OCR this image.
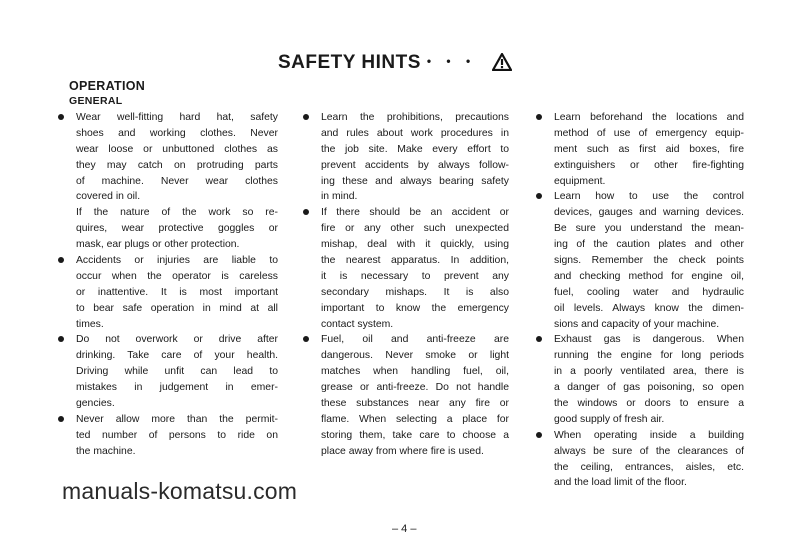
SAFETY HINTS • • •
OPERATION
GENERAL
Wear well-fitting hard hat, safety
shoes and working clothes. Never
wear loose or unbuttoned clothes as
they may catch on protruding parts
of machine. Never wear clothes
covered in oil.
If the nature of the work so re-
quires, wear protective goggles or
mask, ear plugs or other protection.
Accidents or injuries are liable to
occur when the operator is careless
or inattentive. It is most important
to bear safe operation in mind at all
times.
Do not overwork or drive after
drinking. Take care of your health.
Driving while unfit can lead to
mistakes in judgement in emer-
gencies.
Never allow more than the permit-
ted number of persons to ride on
the machine.
Learn the prohibitions, precautions
and rules about work procedures in
the job site. Make every effort to
prevent accidents by always follow-
ing these and always bearing safety
in mind.
If there should be an accident or
fire or any other such unexpected
mishap, deal with it quickly, using
the nearest apparatus. In addition,
it is necessary to prevent any
secondary mishaps. It is also
important to know the emergency
contact system.
Fuel, oil and anti-freeze are
dangerous. Never smoke or light
matches when handling fuel, oil,
grease or anti-freeze. Do not handle
these substances near any fire or
flame. When selecting a place for
storing them, take care to choose a
place away from where fire is used.
Learn beforehand the locations and
method of use of emergency equip-
ment such as first aid boxes, fire
extinguishers or other fire-fighting
equipment.
Learn how to use the control
devices, gauges and warning devices.
Be sure you understand the mean-
ing of the caution plates and other
signs. Remember the check points
and checking method for engine oil,
fuel, cooling water and hydraulic
oil levels. Always know the dimen-
sions and capacity of your machine.
Exhaust gas is dangerous. When
running the engine for long periods
in a poorly ventilated area, there is
a danger of gas poisoning, so open
the windows or doors to ensure a
good supply of fresh air.
When operating inside a building
always be sure of the clearances of
the ceiling, entrances, aisles, etc.
and the load limit of the floor.
manuals-komatsu.com
– 4 –
